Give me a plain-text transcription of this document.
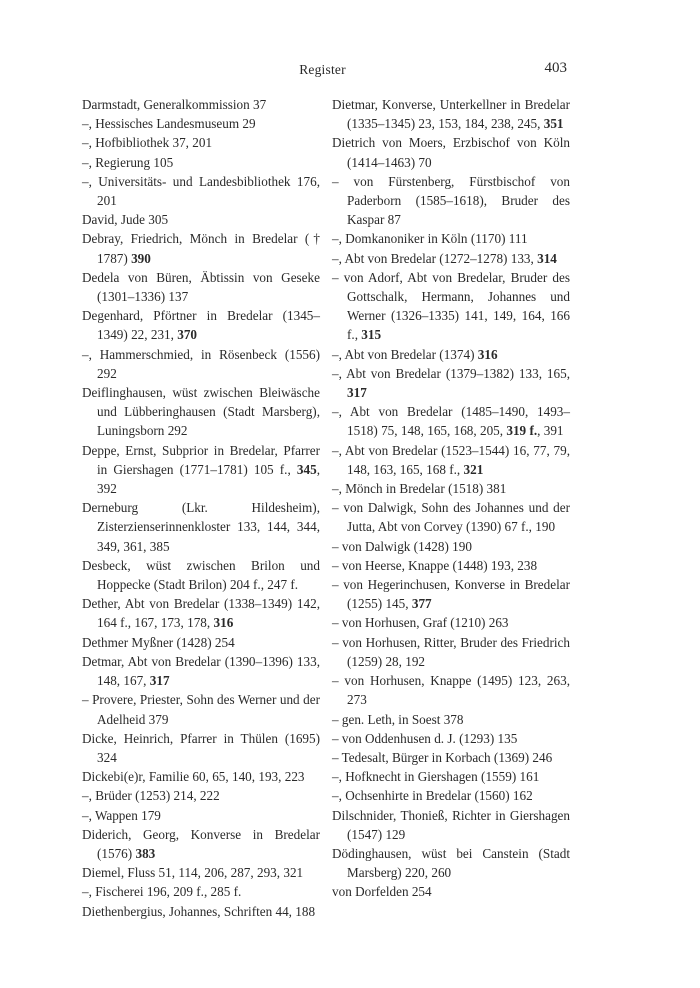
Register	403
Darmstadt, Generalkommission 37
–, Hessisches Landesmuseum 29
–, Hofbibliothek 37, 201
–, Regierung 105
–, Universitäts- und Landesbibliothek 176, 201
David, Jude 305
Debray, Friedrich, Mönch in Bredelar († 1787) 390
Dedela von Büren, Äbtissin von Geseke (1301–1336) 137
Degenhard, Pförtner in Bredelar (1345–1349) 22, 231, 370
–, Hammerschmied, in Rösenbeck (1556) 292
Deiflinghausen, wüst zwischen Bleiwäsche und Lübberinghausen (Stadt Marsberg), Luningsborn 292
Deppe, Ernst, Subprior in Bredelar, Pfarrer in Giershagen (1771–1781) 105 f., 345, 392
Derneburg (Lkr. Hildesheim), Zisterzienserinnenkloster 133, 144, 344, 349, 361, 385
Desbeck, wüst zwischen Brilon und Hoppecke (Stadt Brilon) 204 f., 247 f.
Dether, Abt von Bredelar (1338–1349) 142, 164 f., 167, 173, 178, 316
Dethmer Myßner (1428) 254
Detmar, Abt von Bredelar (1390–1396) 133, 148, 167, 317
– Provere, Priester, Sohn des Werner und der Adelheid 379
Dicke, Heinrich, Pfarrer in Thülen (1695) 324
Dickebi(e)r, Familie 60, 65, 140, 193, 223
–, Brüder (1253) 214, 222
–, Wappen 179
Diderich, Georg, Konverse in Bredelar (1576) 383
Diemel, Fluss 51, 114, 206, 287, 293, 321
–, Fischerei 196, 209 f., 285 f.
Diethenbergius, Johannes, Schriften 44, 188
Dietmar, Konverse, Unterkellner in Bredelar (1335–1345) 23, 153, 184, 238, 245, 351
Dietrich von Moers, Erzbischof von Köln (1414–1463) 70
– von Fürstenberg, Fürstbischof von Paderborn (1585–1618), Bruder des Kaspar 87
–, Domkanoniker in Köln (1170) 111
–, Abt von Bredelar (1272–1278) 133, 314
– von Adorf, Abt von Bredelar, Bruder des Gottschalk, Hermann, Johannes und Werner (1326–1335) 141, 149, 164, 166 f., 315
–, Abt von Bredelar (1374) 316
–, Abt von Bredelar (1379–1382) 133, 165, 317
–, Abt von Bredelar (1485–1490, 1493–1518) 75, 148, 165, 168, 205, 319 f., 391
–, Abt von Bredelar (1523–1544) 16, 77, 79, 148, 163, 165, 168 f., 321
–, Mönch in Bredelar (1518) 381
– von Dalwigk, Sohn des Johannes und der Jutta, Abt von Corvey (1390) 67 f., 190
– von Dalwigk (1428) 190
– von Heerse, Knappe (1448) 193, 238
– von Hegerinchusen, Konverse in Bredelar (1255) 145, 377
– von Horhusen, Graf (1210) 263
– von Horhusen, Ritter, Bruder des Friedrich (1259) 28, 192
– von Horhusen, Knappe (1495) 123, 263, 273
– gen. Leth, in Soest 378
– von Oddenhusen d. J. (1293) 135
– Tedesalt, Bürger in Korbach (1369) 246
–, Hofknecht in Giershagen (1559) 161
–, Ochsenhirte in Bredelar (1560) 162
Dilschnider, Thonieß, Richter in Giershagen (1547) 129
Dödinghausen, wüst bei Canstein (Stadt Marsberg) 220, 260
von Dorfelden 254
